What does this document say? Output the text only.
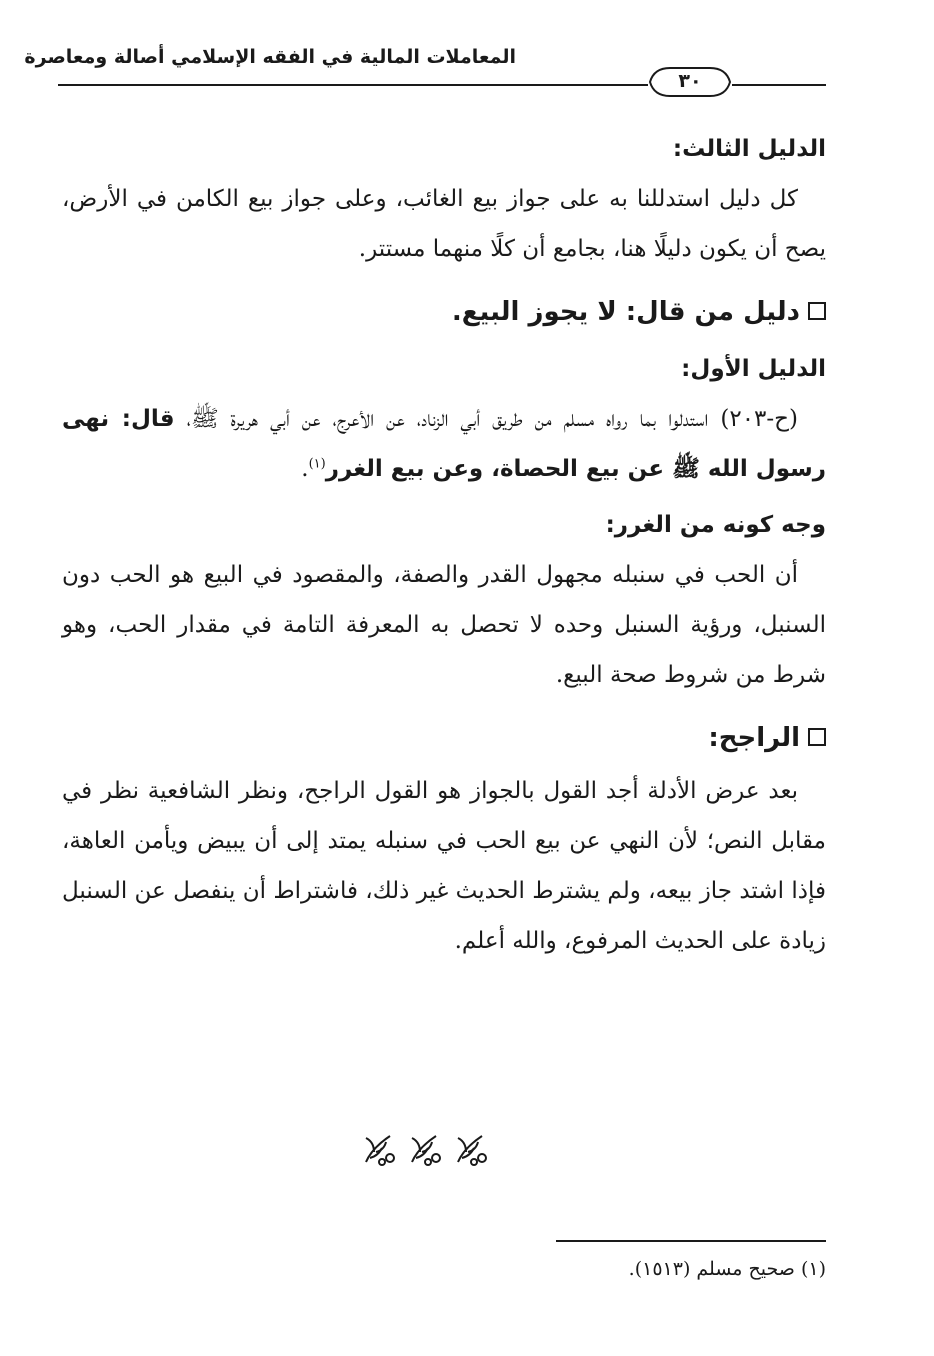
المعاملات المالية في الفقه الإسلامي أصالة ومعاصرة
٣٠

الدليل الثالث:

كل دليل استدللنا به على جواز بيع الغائب، وعلى جواز بيع الكامن في الأرض، يصح أن يكون دليلًا هنا، بجامع أن كلًا منهما مستتر.

دليل من قال: لا يجوز البيع.

الدليل الأول:

(ح-٢٠٣) استدلوا بما رواه مسلم من طريق أبي الزناد، عن الأعرج، عن أبي هريرة ﷺ، قال: نهى رسول الله ﷺ عن بيع الحصاة، وعن بيع الغرر$^{(١)}$.

وجه كونه من الغرر:

أن الحب في سنبله مجهول القدر والصفة، والمقصود في البيع هو الحب دون السنبل، ورؤية السنبل وحده لا تحصل به المعرفة التامة في مقدار الحب، وهو شرط من شروط صحة البيع.

الراجح:

بعد عرض الأدلة أجد القول بالجواز هو القول الراجح، ونظر الشافعية نظر في مقابل النص؛ لأن النهي عن بيع الحب في سنبله يمتد إلى أن يبيض ويأمن العاهة، فإذا اشتد جاز بيعه، ولم يشترط الحديث غير ذلك، فاشتراط أن ينفصل عن السنبل زيادة على الحديث المرفوع، والله أعلم.

(١) صحيح مسلم (١٥١٣).
